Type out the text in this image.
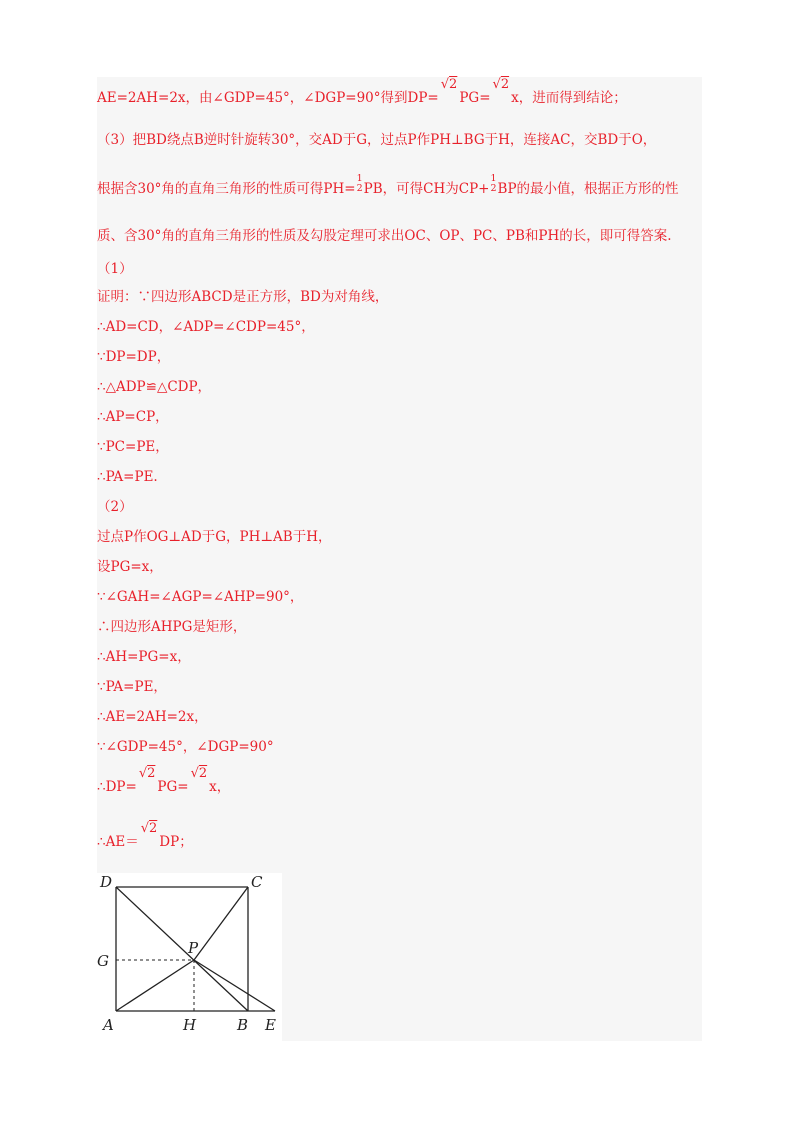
AE=2AH=2x，由∠GDP=45°，∠DGP=90°得到DP=√2PG=√2x，进而得到结论；
（3）把BD绕点B逆时针旋转30°，交AD于G，过点P作PH⊥BG于H，连接AC，交BD于O，
根据含30°角的直角三角形的性质可得PH=
1
2 PB，可得CH为CP+
1
2 BP的最小值，根据正方形的性
质、含30°角的直角三角形的性质及勾股定理可求出OC、OP、PC、PB和PH的长，即可得答案.
（1）
证明：∵四边形ABCD是正方形，BD为对角线，
∴AD=CD，∠ADP=∠CDP=45°，
∵DP=DP，
∴△ADP≌△CDP，
∴AP=CP，
∵PC=PE，
∴PA=PE.
（2）
过点P作OG⊥AD于G，PH⊥AB于H，
设PG=x，
∵∠GAH=∠AGP=∠AHP=90°，
∴四边形AHPG是矩形，
∴AH=PG=x，
∵PA=PE，
∴AE=2AH=2x，
∵∠GDP=45°，∠DGP=90°
∴DP=√2PG=√2x，
∴AE＝√2DP；
D	C
G
P
A	H	B E
